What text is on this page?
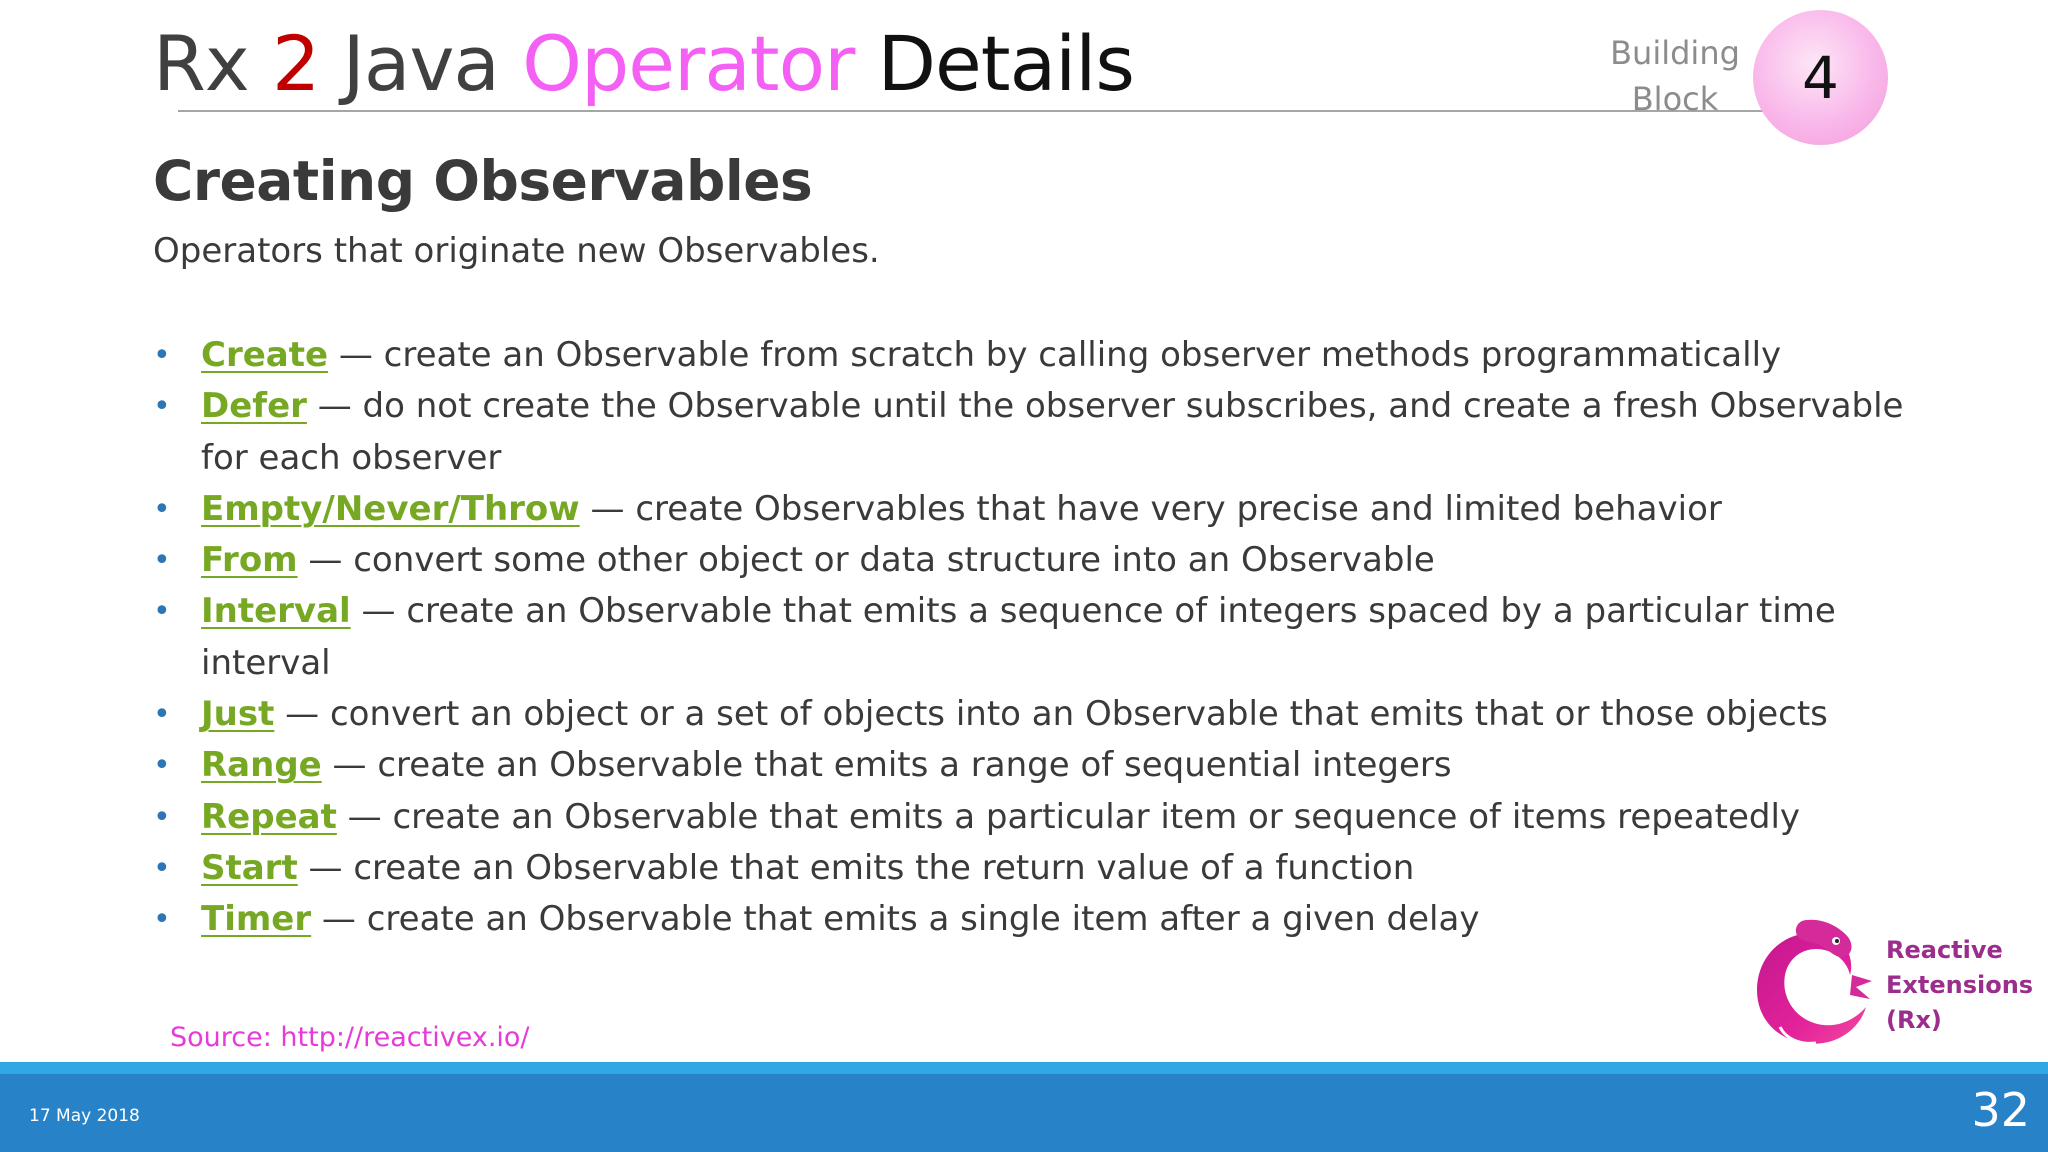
Rx 2 Java Operator Details	Building
Block	4
Creating Observables
Operators that originate new Observables.
• Create — create an Observable from scratch by calling observer methods programmatically
• Defer — do not create the Observable until the observer subscribes, and create a fresh Observable for each observer
• Empty/Never/Throw — create Observables that have very precise and limited behavior
• From — convert some other object or data structure into an Observable
• Interval — create an Observable that emits a sequence of integers spaced by a particular time interval
• Just — convert an object or a set of objects into an Observable that emits that or those objects
• Range — create an Observable that emits a range of sequential integers
• Repeat — create an Observable that emits a particular item or sequence of items repeatedly
• Start — create an Observable that emits the return value of a function
• Timer — create an Observable that emits a single item after a given delay
Source: http://reactivex.io/
Reactive
Extensions
(Rx)
17 May 2018	32
